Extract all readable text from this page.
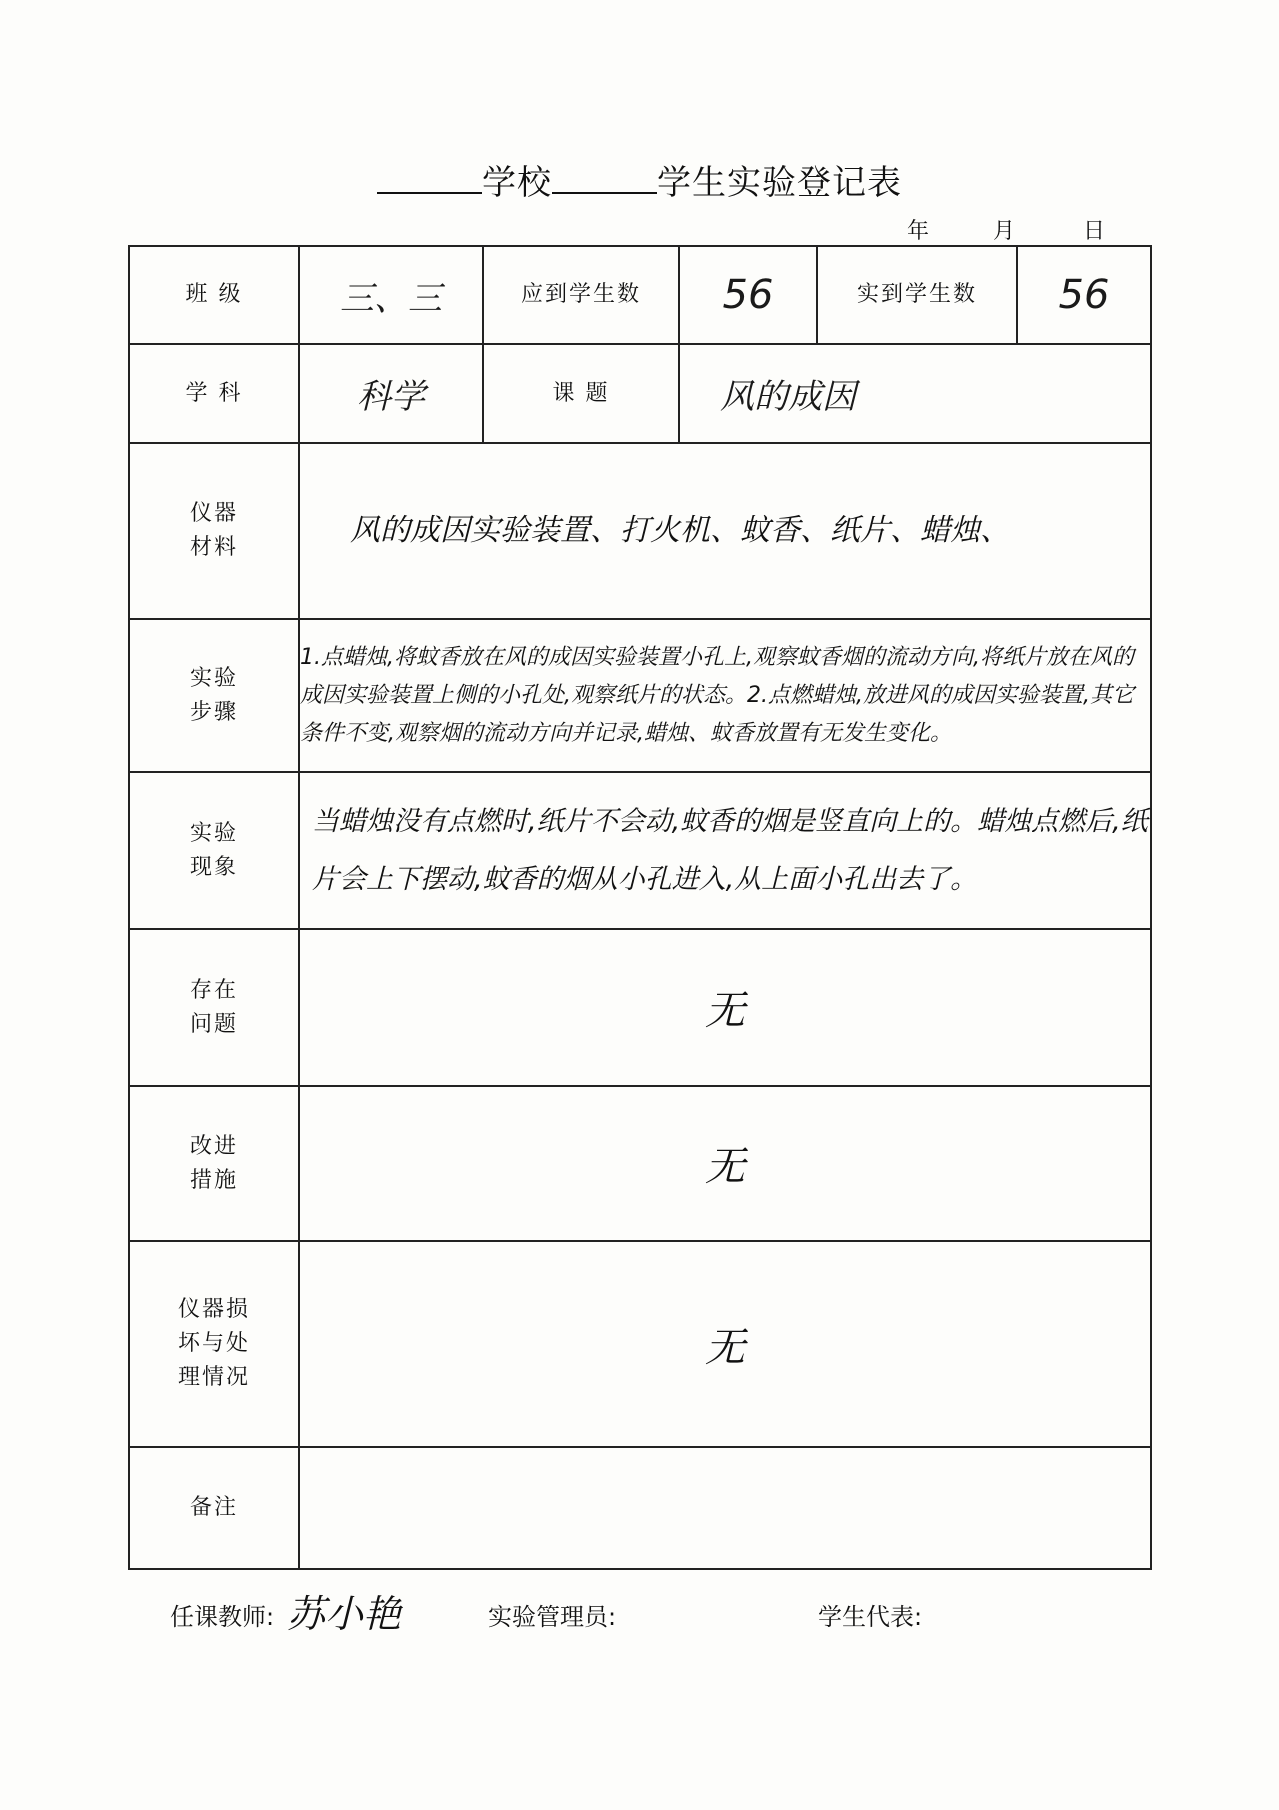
学校	学生实验登记表
年	月	日
班 级	三、三	应到学生数	56	实到学生数	56
学 科	科学	课 题	风的成因		

仪器
材料	风的成因实验装置、打火机、蚊香、纸片、蜡烛、				

实验
步骤	1.点蜡烛,将蚊香放在风的成因实验装置小孔上,观察蚊香烟的流动方向,将纸片放在风的成因实验装置上侧的小孔处,观察纸片的状态。2.点燃蜡烛,放进风的成因实验装置,其它条件不变,观察烟的流动方向并记录,蜡烛、蚊香放置有无发生变化。				

实验
现象	当蜡烛没有点燃时,纸片不会动,蚊香的烟是竖直向上的。蜡烛点燃后,纸片会上下摆动,蚊香的烟从小孔进入,从上面小孔出去了。				

存在
问题	无				

改进
措施	无				

仪器损
坏与处
理情况	无				
备注					
任课教师: 苏小艳	实验管理员:	学生代表:
